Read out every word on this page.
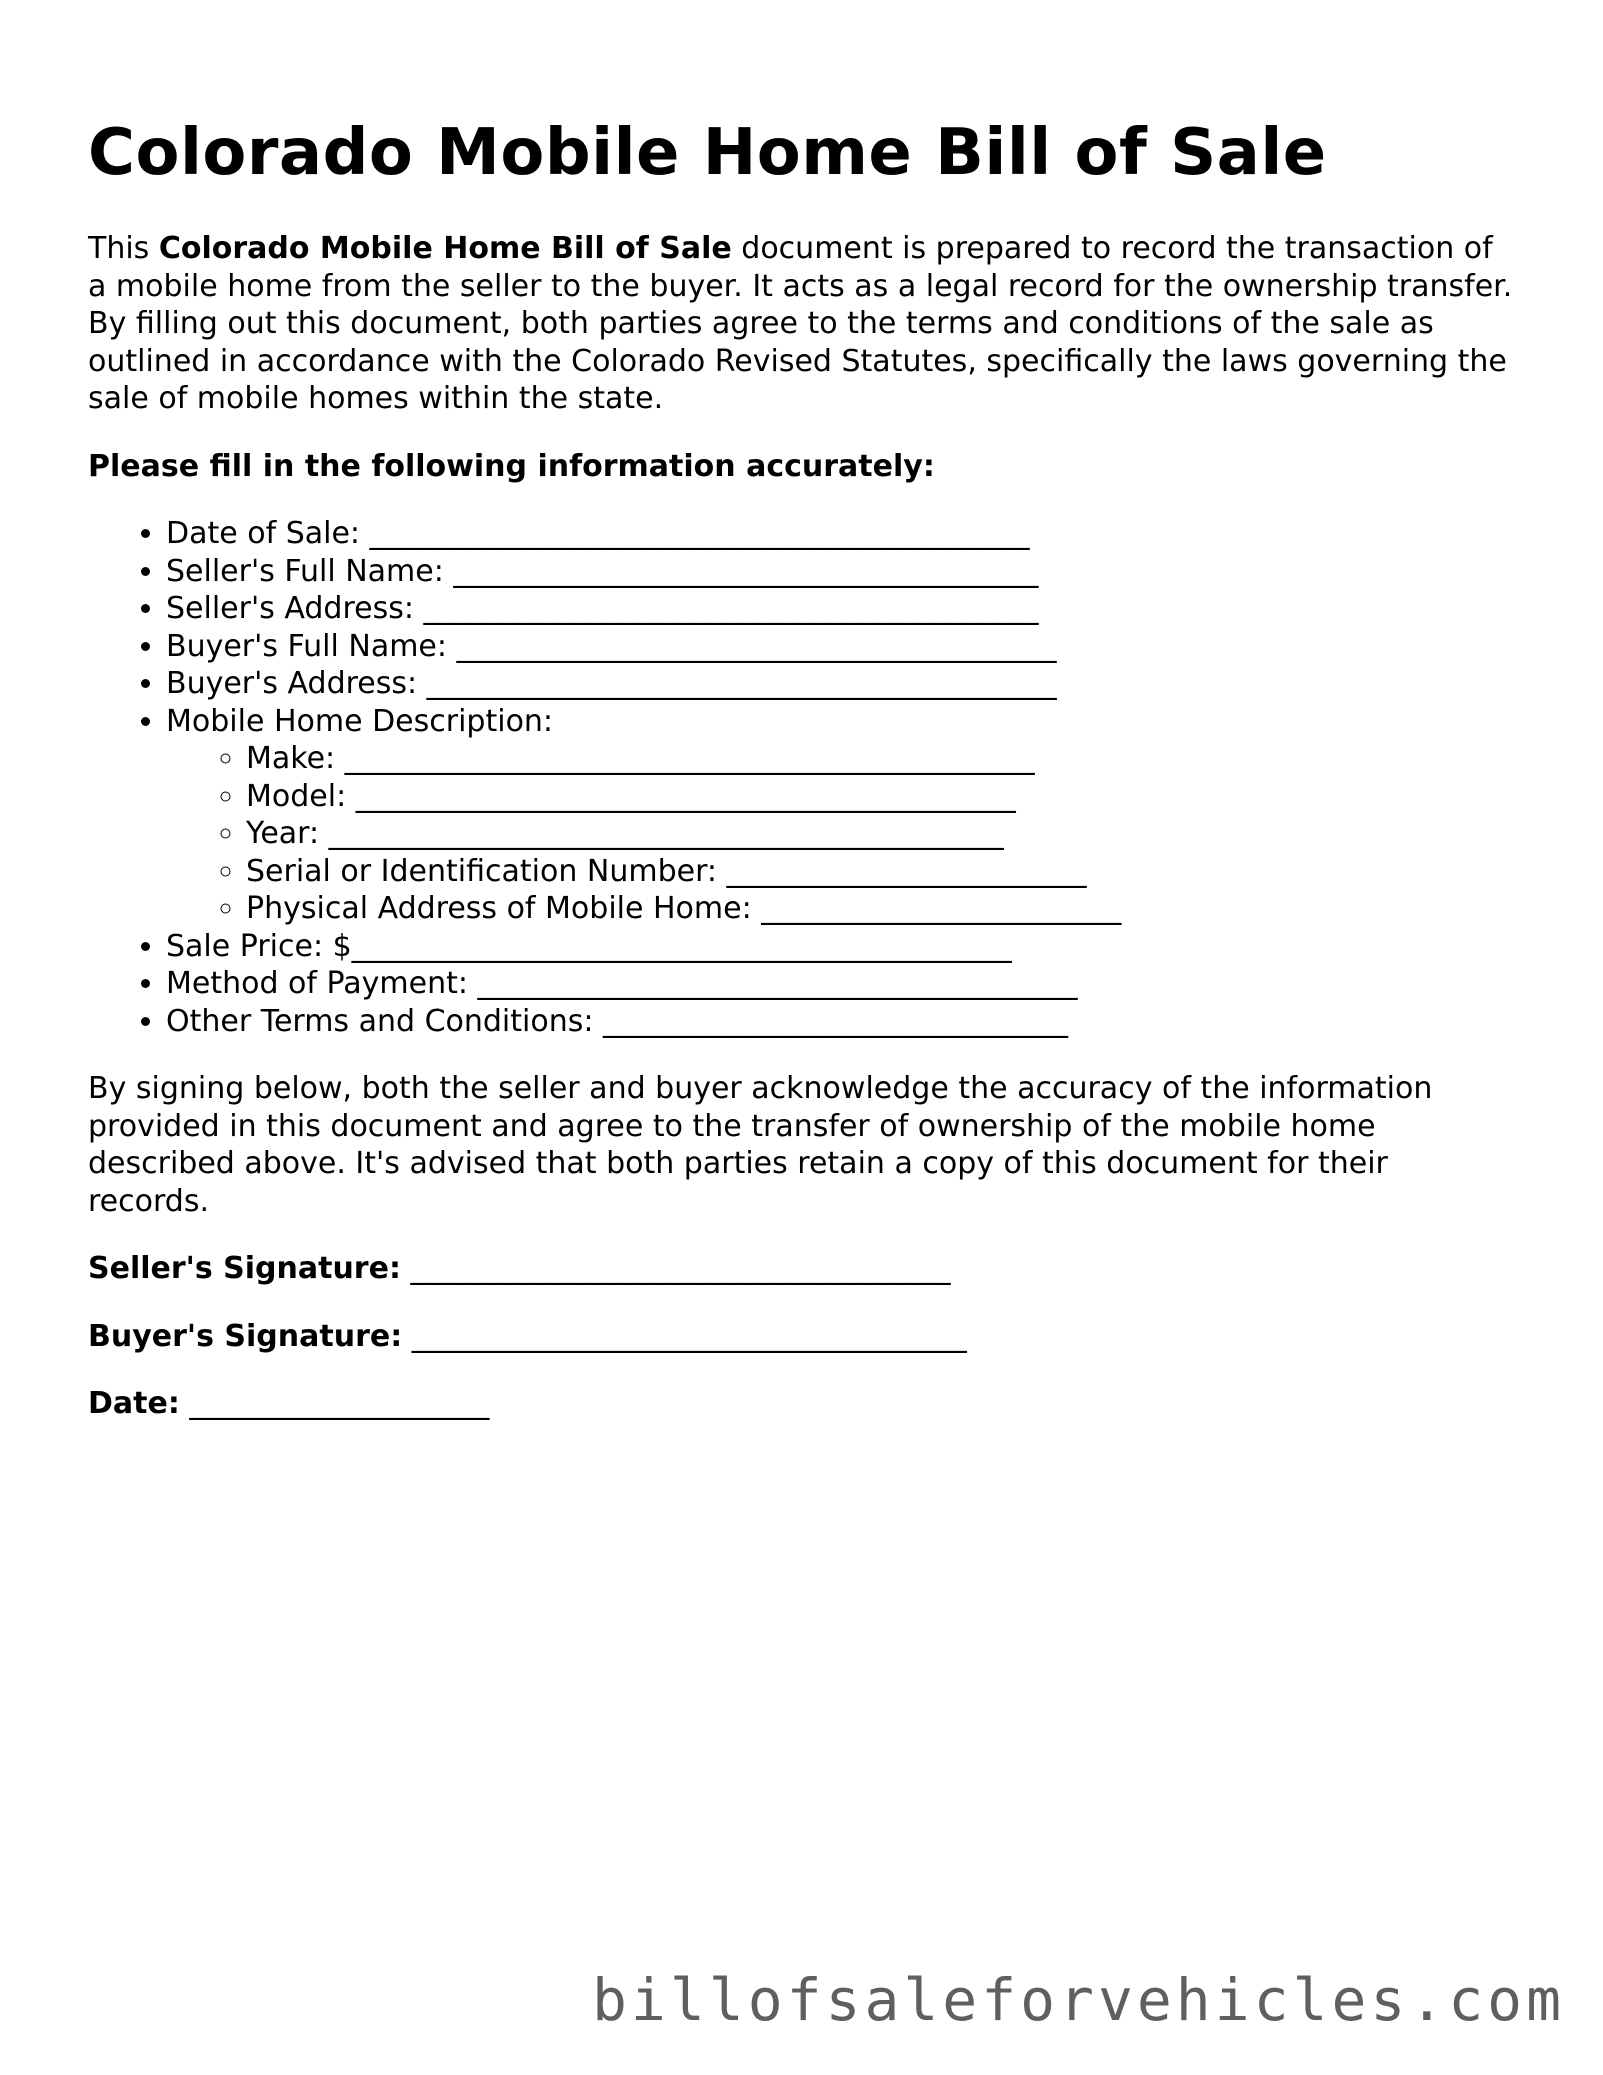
Colorado Mobile Home Bill of Sale

This Colorado Mobile Home Bill of Sale document is prepared to record the transaction of a mobile home from the seller to the buyer. It acts as a legal record for the ownership transfer. By filling out this document, both parties agree to the terms and conditions of the sale as outlined in accordance with the Colorado Revised Statutes, specifically the laws governing the sale of mobile homes within the state.

Please fill in the following information accurately:

• Date of Sale: ____________________________________________
• Seller's Full Name: _______________________________________
• Seller's Address: _________________________________________
• Buyer's Full Name: ________________________________________
• Buyer's Address: __________________________________________
• Mobile Home Description:
◦ Make: ______________________________________________
◦ Model: ____________________________________________
◦ Year: _____________________________________________
◦ Serial or Identification Number: ________________________
◦ Physical Address of Mobile Home: ________________________
• Sale Price: $____________________________________________
• Method of Payment: ________________________________________
• Other Terms and Conditions: _______________________________

By signing below, both the seller and buyer acknowledge the accuracy of the information provided in this document and agree to the transfer of ownership of the mobile home described above. It's advised that both parties retain a copy of this document for their records.

Seller's Signature: ____________________________________

Buyer's Signature: _____________________________________

Date: ____________________

billofsaleforvehicles.com
